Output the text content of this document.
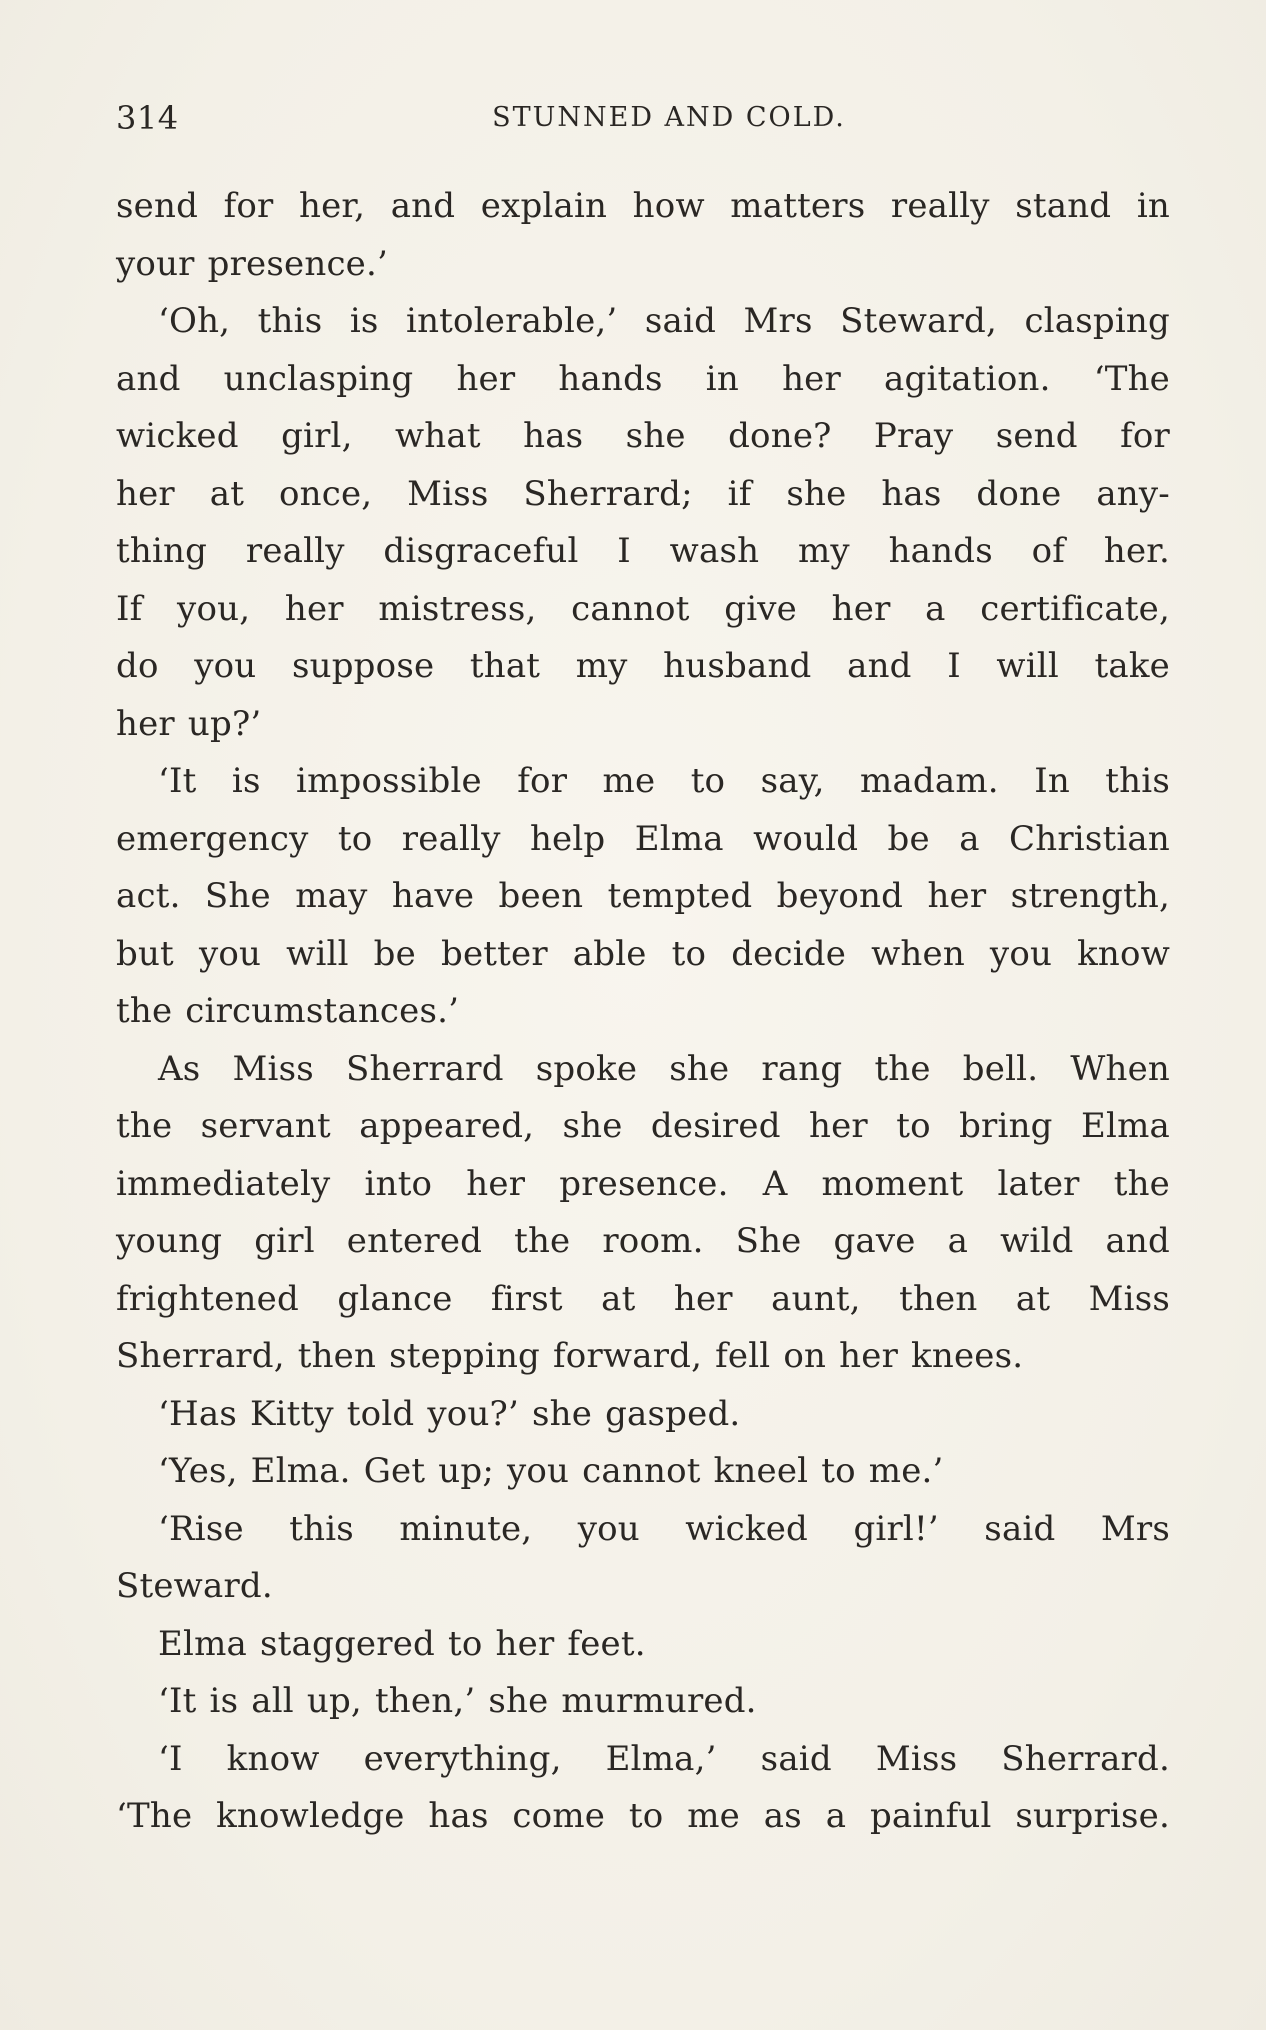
314	STUNNED AND COLD.
send for her, and explain how matters really stand in
your presence.’
‘Oh, this is intolerable,’ said Mrs Steward, clasping
and unclasping her hands in her agitation. ‘The
wicked girl, what has she done? Pray send for
her at once, Miss Sherrard; if she has done any-
thing really disgraceful I wash my hands of her.
If you, her mistress, cannot give her a certificate,
do you suppose that my husband and I will take
her up?’
‘It is impossible for me to say, madam. In this
emergency to really help Elma would be a Christian
act. She may have been tempted beyond her strength,
but you will be better able to decide when you know
the circumstances.’
As Miss Sherrard spoke she rang the bell. When
the servant appeared, she desired her to bring Elma
immediately into her presence. A moment later the
young girl entered the room. She gave a wild and
frightened glance first at her aunt, then at Miss
Sherrard, then stepping forward, fell on her knees.
‘Has Kitty told you?’ she gasped.
‘Yes, Elma. Get up; you cannot kneel to me.’
‘Rise this minute, you wicked girl!’ said Mrs
Steward.
Elma staggered to her feet.
‘It is all up, then,’ she murmured.
‘I know everything, Elma,’ said Miss Sherrard.
‘The knowledge has come to me as a painful surprise.
